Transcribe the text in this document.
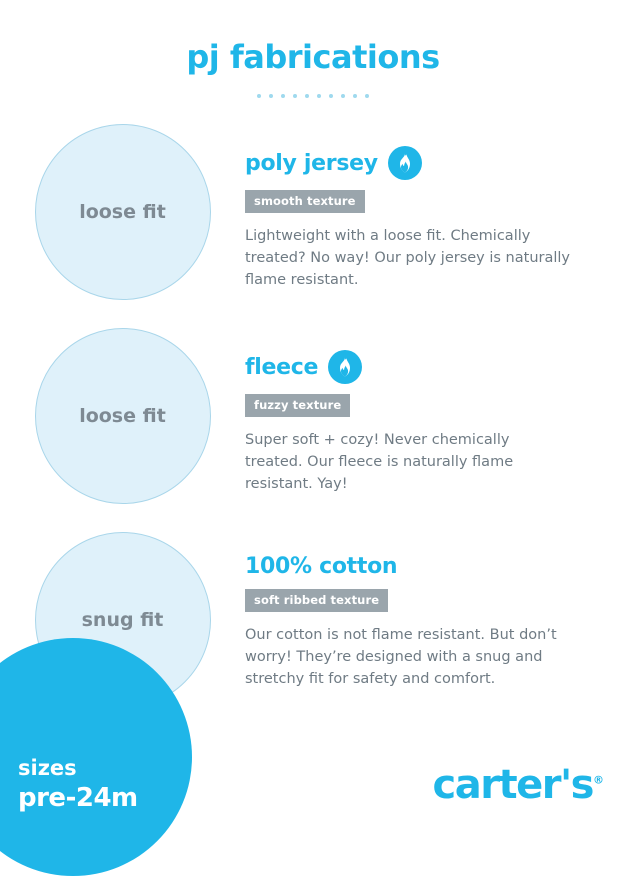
pj fabrications
loose fit
poly jersey
smooth texture
Lightweight with a loose fit. Chemically treated? No way! Our poly jersey is naturally flame resistant.
loose fit
fleece
fuzzy texture
Super soft + cozy! Never chemically treated. Our fleece is naturally flame resistant. Yay!
snug fit
100% cotton
soft ribbed texture
Our cotton is not flame resistant. But don’t worry! They’re designed with a snug and stretchy fit for safety and comfort.
sizes
pre-24m	carter's®
